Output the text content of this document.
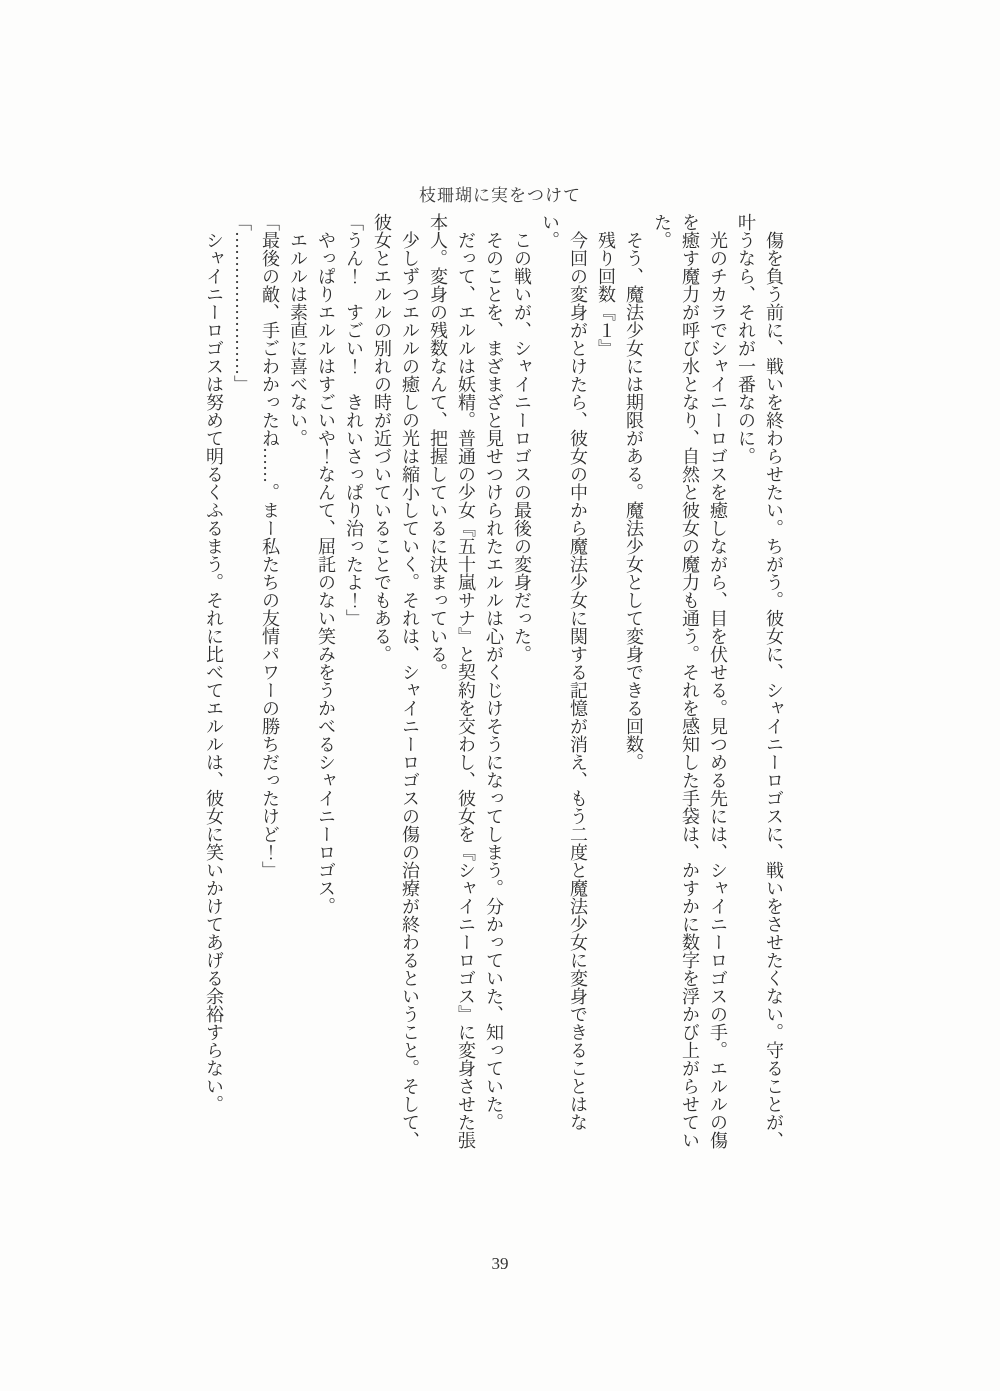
枝珊瑚に実をつけて

傷を負う前に、戦いを終わらせたい。ちがう。彼女に、シャイニーロゴスに、戦いをさせたくない。守ることが、叶うなら、それが一番なのに。

光のチカラでシャイニーロゴスを癒しながら、目を伏せる。見つめる先には、シャイニーロゴスの手。エルルの傷を癒す魔力が呼び水となり、自然と彼女の魔力も通う。それを感知した手袋は、かすかに数字を浮かび上がらせていた。

そう、魔法少女には期限がある。魔法少女として変身できる回数。

残り回数『１』

今回の変身がとけたら、彼女の中から魔法少女に関する記憶が消え、もう二度と魔法少女に変身できることはない。

この戦いが、シャイニーロゴスの最後の変身だった。

そのことを、まざまざと見せつけられたエルルは心がくじけそうになってしまう。分かっていた、知っていた。

だって、エルルは妖精。普通の少女『五十嵐サナ』と契約を交わし、彼女を『シャイニーロゴス』に変身させた張本人。変身の残数なんて、把握しているに決まっている。

少しずつエルルの癒しの光は縮小していく。それは、シャイニーロゴスの傷の治療が終わるということ。そして、彼女とエルルの別れの時が近づいていることでもある。

「うん！　すごい！　きれいさっぱり治ったよ！」

やっぱりエルルはすごいや！なんて、屈託のない笑みをうかべるシャイニーロゴス。

エルルは素直に喜べない。

「最後の敵、手ごわかったね……。まー私たちの友情パワーの勝ちだったけど！」

「……………………」

シャイニーロゴスは努めて明るくふるまう。それに比べてエルルは、彼女に笑いかけてあげる余裕すらない。

39
